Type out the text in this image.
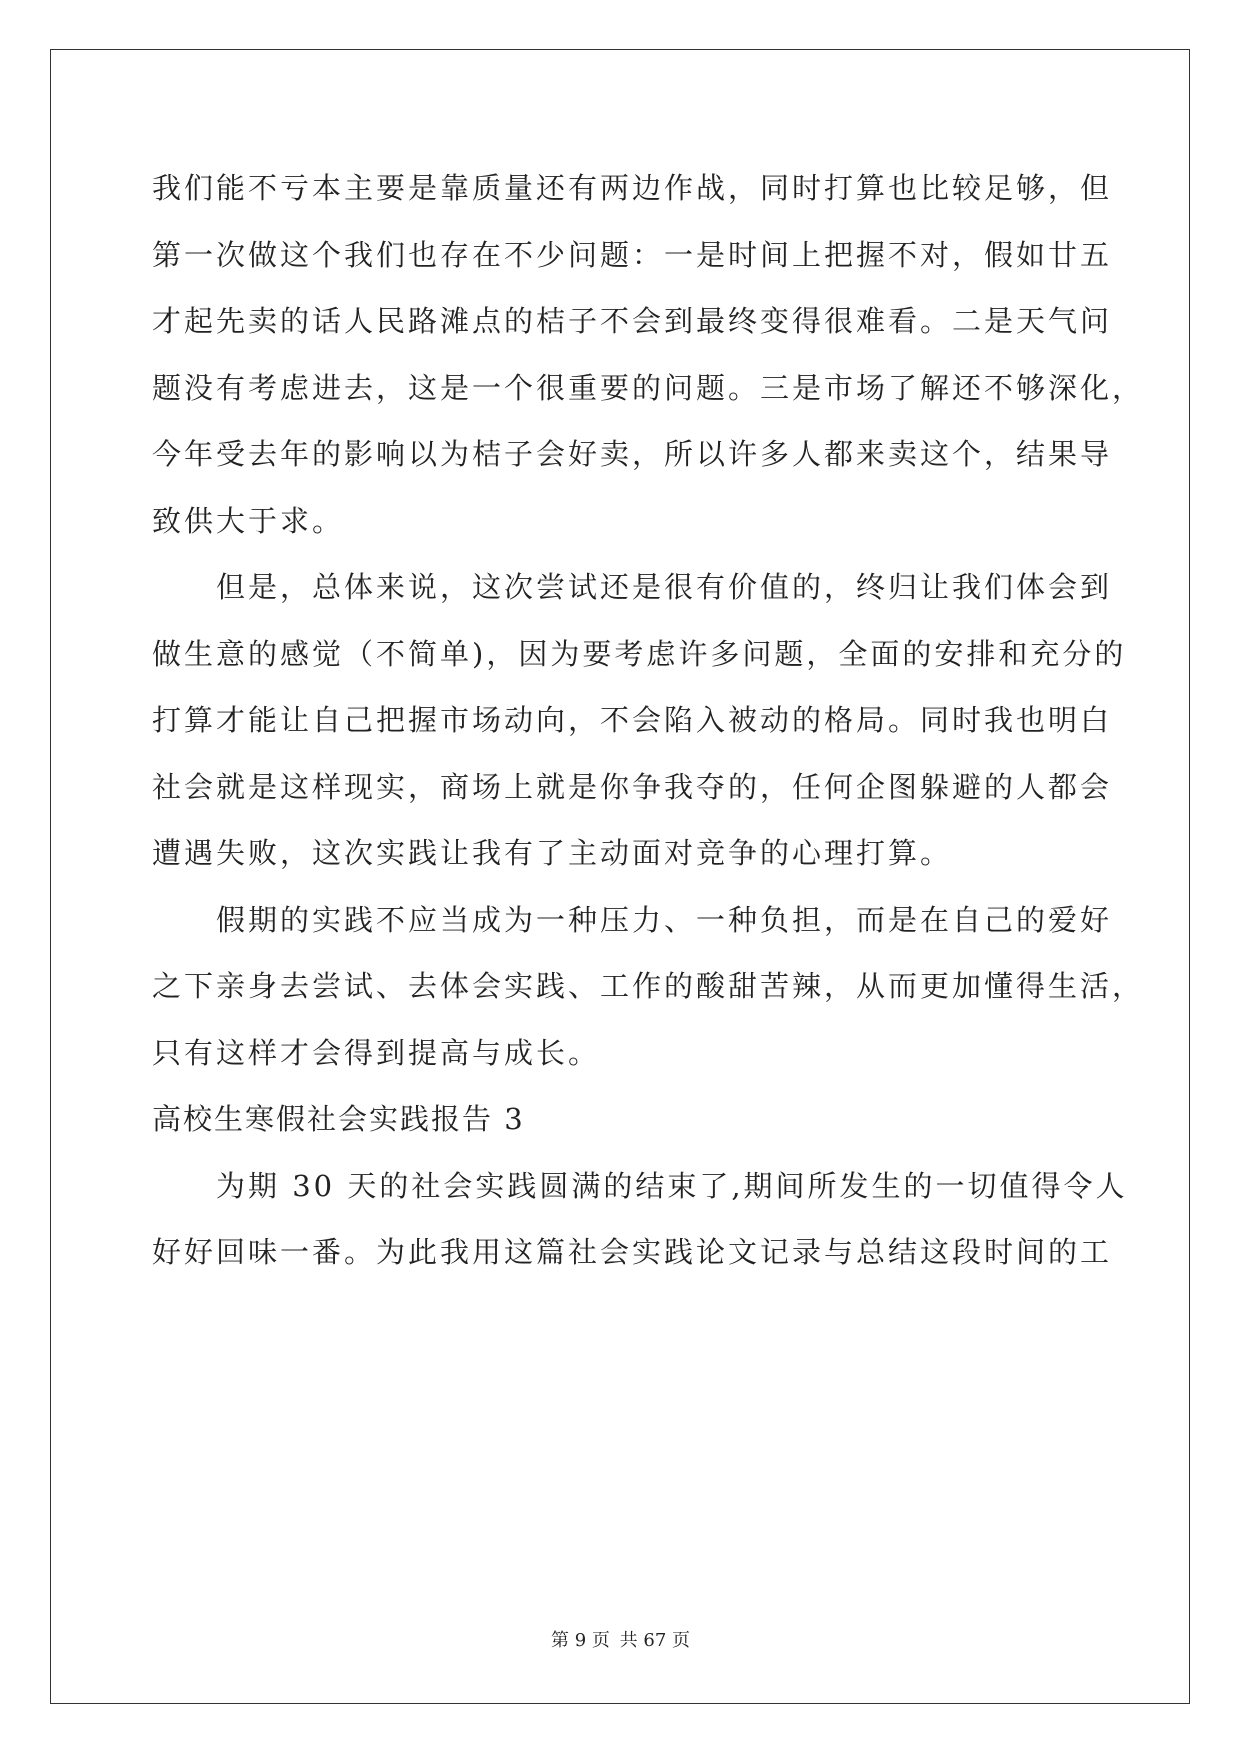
我们能不亏本主要是靠质量还有两边作战，同时打算也比较足够，但
第一次做这个我们也存在不少问题：一是时间上把握不对，假如廿五
才起先卖的话人民路滩点的桔子不会到最终变得很难看。二是天气问
题没有考虑进去，这是一个很重要的问题。三是市场了解还不够深化，
今年受去年的影响以为桔子会好卖，所以许多人都来卖这个，结果导
致供大于求。
但是，总体来说，这次尝试还是很有价值的，终归让我们体会到
做生意的感觉（不简单)，因为要考虑许多问题，全面的安排和充分的
打算才能让自己把握市场动向，不会陷入被动的格局。同时我也明白
社会就是这样现实，商场上就是你争我夺的，任何企图躲避的人都会
遭遇失败，这次实践让我有了主动面对竞争的心理打算。
假期的实践不应当成为一种压力、一种负担，而是在自己的爱好
之下亲身去尝试、去体会实践、工作的酸甜苦辣，从而更加懂得生活，
只有这样才会得到提高与成长。
高校生寒假社会实践报告 3
为期 30 天的社会实践圆满的结束了,期间所发生的一切值得令人
好好回味一番。为此我用这篇社会实践论文记录与总结这段时间的工
第 9 页 共 67 页
